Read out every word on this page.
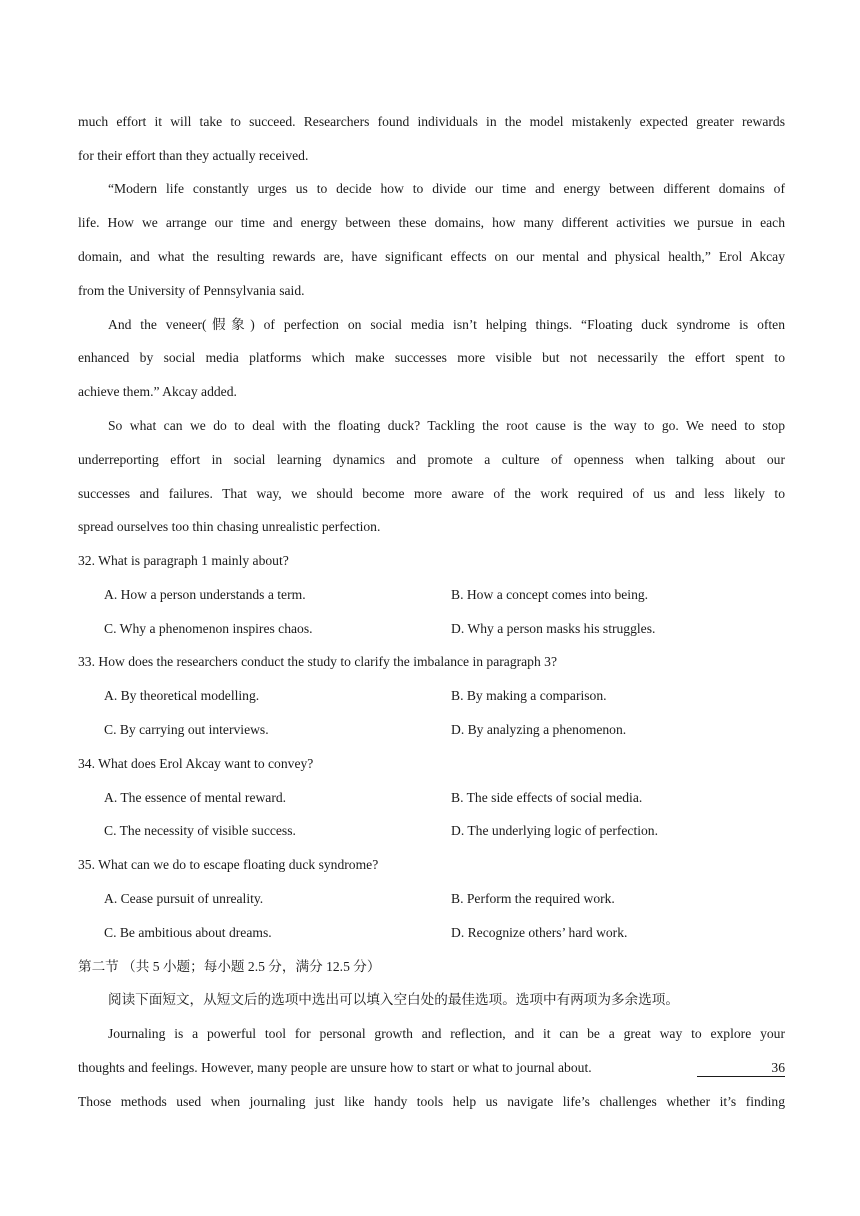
much effort it will take to succeed. Researchers found individuals in the model mistakenly expected greater rewards
for their effort than they actually received.
“Modern life constantly urges us to decide how to divide our time and energy between different domains of
life. How we arrange our time and energy between these domains, how many different activities we pursue in each
domain, and what the resulting rewards are, have significant effects on our mental and physical health,” Erol Akcay
from the University of Pennsylvania said.
And the veneer(假象) of perfection on social media isn’t helping things. “Floating duck syndrome is often
enhanced by social media platforms which make successes more visible but not necessarily the effort spent to
achieve them.” Akcay added.
So what can we do to deal with the floating duck? Tackling the root cause is the way to go. We need to stop
underreporting effort in social learning dynamics and promote a culture of openness when talking about our
successes and failures. That way, we should become more aware of the work required of us and less likely to
spread ourselves too thin chasing unrealistic perfection.
32. What is paragraph 1 mainly about?
A. How a person understands a term.	B. How a concept comes into being.
C. Why a phenomenon inspires chaos.	D. Why a person masks his struggles.
33. How does the researchers conduct the study to clarify the imbalance in paragraph 3?
A. By theoretical modelling.	B. By making a comparison.
C. By carrying out interviews.	D. By analyzing a phenomenon.
34. What does Erol Akcay want to convey?
A. The essence of mental reward.	B. The side effects of social media.
C. The necessity of visible success.	D. The underlying logic of perfection.
35. What can we do to escape floating duck syndrome?
A. Cease pursuit of unreality.	B. Perform the required work.
C. Be ambitious about dreams.	D. Recognize others’ hard work.
第二节 （共 5 小题；每小题 2.5 分，满分 12.5 分）
阅读下面短文，从短文后的选项中选出可以填入空白处的最佳选项。选项中有两项为多余选项。
Journaling is a powerful tool for personal growth and reflection, and it can be a great way to explore your
thoughts and feelings. However, many people are unsure how to start or what to journal about.	36
Those methods used when journaling just like handy tools help us navigate life’s challenges whether it’s finding
